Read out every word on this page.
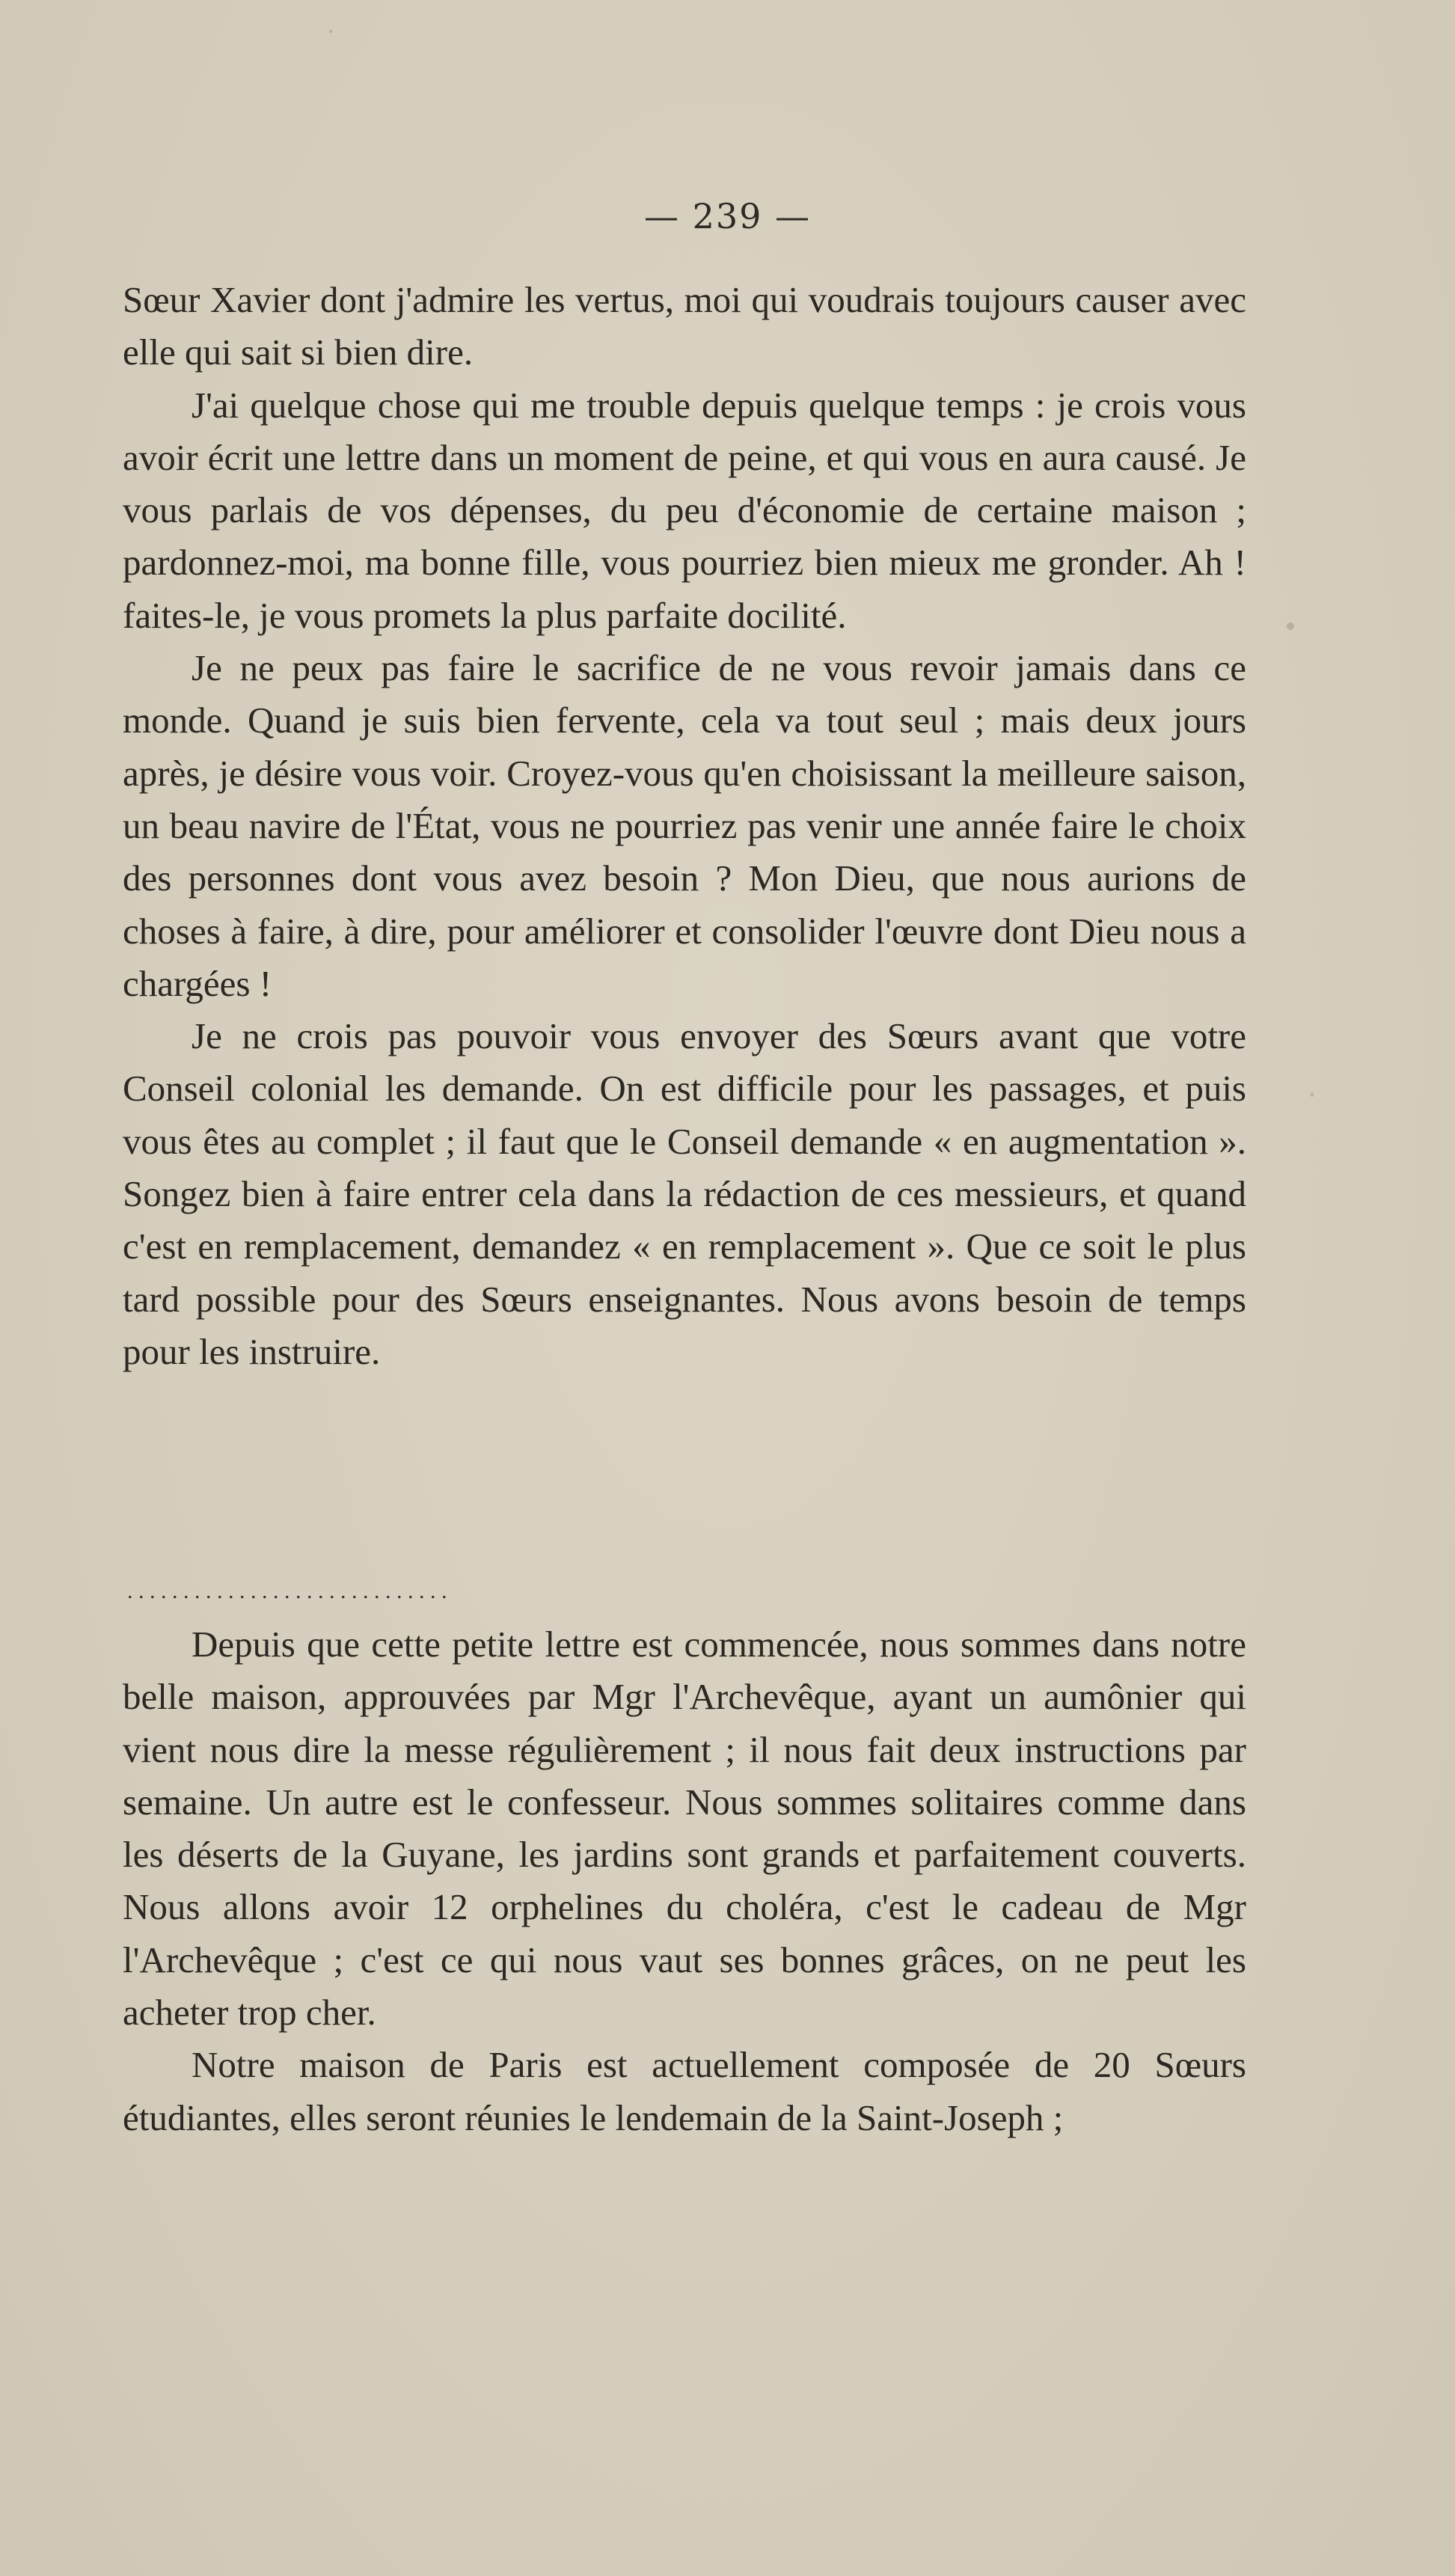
— 239 —

Sœur Xavier dont j'admire les vertus, moi qui voudrais toujours causer avec elle qui sait si bien dire.

J'ai quelque chose qui me trouble depuis quelque temps : je crois vous avoir écrit une lettre dans un moment de peine, et qui vous en aura causé. Je vous parlais de vos dépenses, du peu d'économie de certaine maison ; pardonnez-moi, ma bonne fille, vous pourriez bien mieux me gronder. Ah ! faites-le, je vous promets la plus parfaite docilité.

Je ne peux pas faire le sacrifice de ne vous revoir jamais dans ce monde. Quand je suis bien fervente, cela va tout seul ; mais deux jours après, je désire vous voir. Croyez-vous qu'en choisissant la meilleure saison, un beau navire de l'État, vous ne pourriez pas venir une année faire le choix des personnes dont vous avez besoin ? Mon Dieu, que nous aurions de choses à faire, à dire, pour améliorer et consolider l'œuvre dont Dieu nous a chargées !

Je ne crois pas pouvoir vous envoyer des Sœurs avant que votre Conseil colonial les demande. On est difficile pour les passages, et puis vous êtes au complet ; il faut que le Conseil demande « en augmentation ». Songez bien à faire entrer cela dans la rédaction de ces messieurs, et quand c'est en remplacement, demandez « en remplacement ». Que ce soit le plus tard possible pour des Sœurs enseignantes. Nous avons besoin de temps pour les instruire.

. . . . . . . . . . . . . . . . . . . . . . . . . . . . .

Depuis que cette petite lettre est commencée, nous sommes dans notre belle maison, approuvées par Mgr l'Archevêque, ayant un aumônier qui vient nous dire la messe régulièrement ; il nous fait deux instructions par semaine. Un autre est le confesseur. Nous sommes solitaires comme dans les déserts de la Guyane, les jardins sont grands et parfaitement couverts. Nous allons avoir 12 orphelines du choléra, c'est le cadeau de Mgr l'Archevêque ; c'est ce qui nous vaut ses bonnes grâces, on ne peut les acheter trop cher.

Notre maison de Paris est actuellement composée de 20 Sœurs étudiantes, elles seront réunies le lendemain de la Saint-Joseph ;
